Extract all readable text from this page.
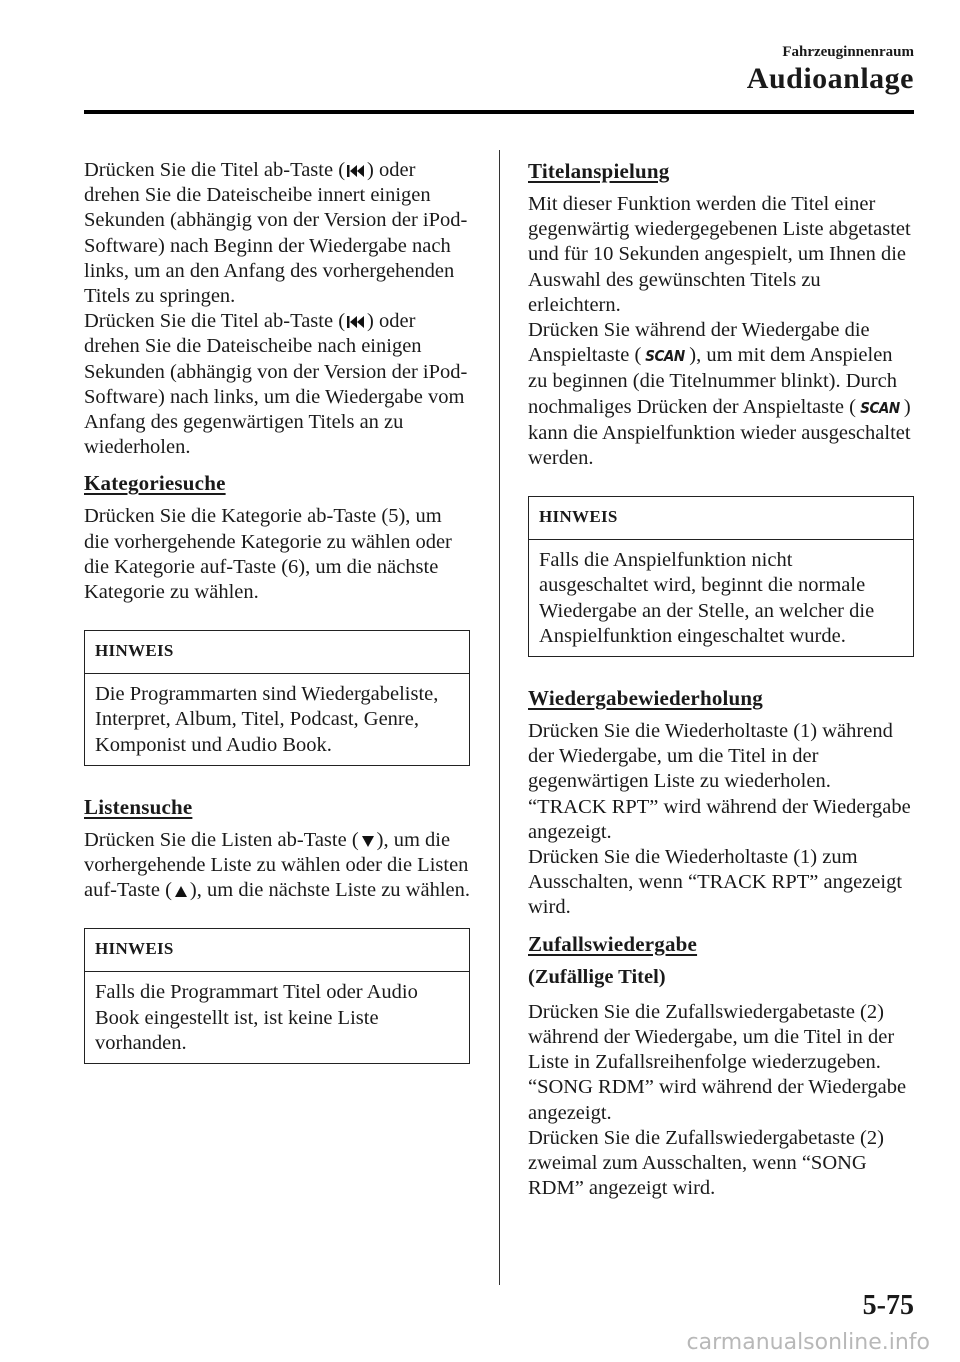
Fahrzeuginnenraum
Audioanlage

Drücken Sie die Titel ab-Taste ( ) oder drehen Sie die Dateischeibe innert einigen Sekunden (abhängig von der Version der iPod-Software) nach Beginn der Wiedergabe nach links, um an den Anfang des vorhergehenden Titels zu springen.
Drücken Sie die Titel ab-Taste ( ) oder drehen Sie die Dateischeibe nach einigen Sekunden (abhängig von der Version der iPod-Software) nach links, um die Wiedergabe vom Anfang des gegenwärtigen Titels an zu wiederholen.

Kategoriesuche

Drücken Sie die Kategorie ab-Taste (5), um die vorhergehende Kategorie zu wählen oder die Kategorie auf-Taste (6), um die nächste Kategorie zu wählen.

HINWEIS

Die Programmarten sind Wiedergabeliste, Interpret, Album, Titel, Podcast, Genre, Komponist und Audio Book.

Listensuche

Drücken Sie die Listen ab-Taste ( ), um die vorhergehende Liste zu wählen oder die Listen auf-Taste ( ), um die nächste Liste zu wählen.

HINWEIS

Falls die Programmart Titel oder Audio Book eingestellt ist, ist keine Liste vorhanden.

Titelanspielung

Mit dieser Funktion werden die Titel einer gegenwärtig wiedergegebenen Liste abgetastet und für 10 Sekunden angespielt, um Ihnen die Auswahl des gewünschten Titels zu erleichtern.
Drücken Sie während der Wiedergabe die Anspieltaste ( SCAN ), um mit dem Anspielen zu beginnen (die Titelnummer blinkt). Durch nochmaliges Drücken der Anspieltaste ( SCAN ) kann die Anspielfunktion wieder ausgeschaltet werden.

HINWEIS

Falls die Anspielfunktion nicht ausgeschaltet wird, beginnt die normale Wiedergabe an der Stelle, an welcher die Anspielfunktion eingeschaltet wurde.

Wiedergabewiederholung

Drücken Sie die Wiederholtaste (1) während der Wiedergabe, um die Titel in der gegenwärtigen Liste zu wiederholen. “TRACK RPT” wird während der Wiedergabe angezeigt.
Drücken Sie die Wiederholtaste (1) zum Ausschalten, wenn “TRACK RPT” angezeigt wird.

Zufallswiedergabe

(Zufällige Titel)

Drücken Sie die Zufallswiedergabetaste (2) während der Wiedergabe, um die Titel in der Liste in Zufallsreihenfolge wiederzugeben. “SONG RDM” wird während der Wiedergabe angezeigt.
Drücken Sie die Zufallswiedergabetaste (2) zweimal zum Ausschalten, wenn “SONG RDM” angezeigt wird.

5-75
carmanualsonline.info
